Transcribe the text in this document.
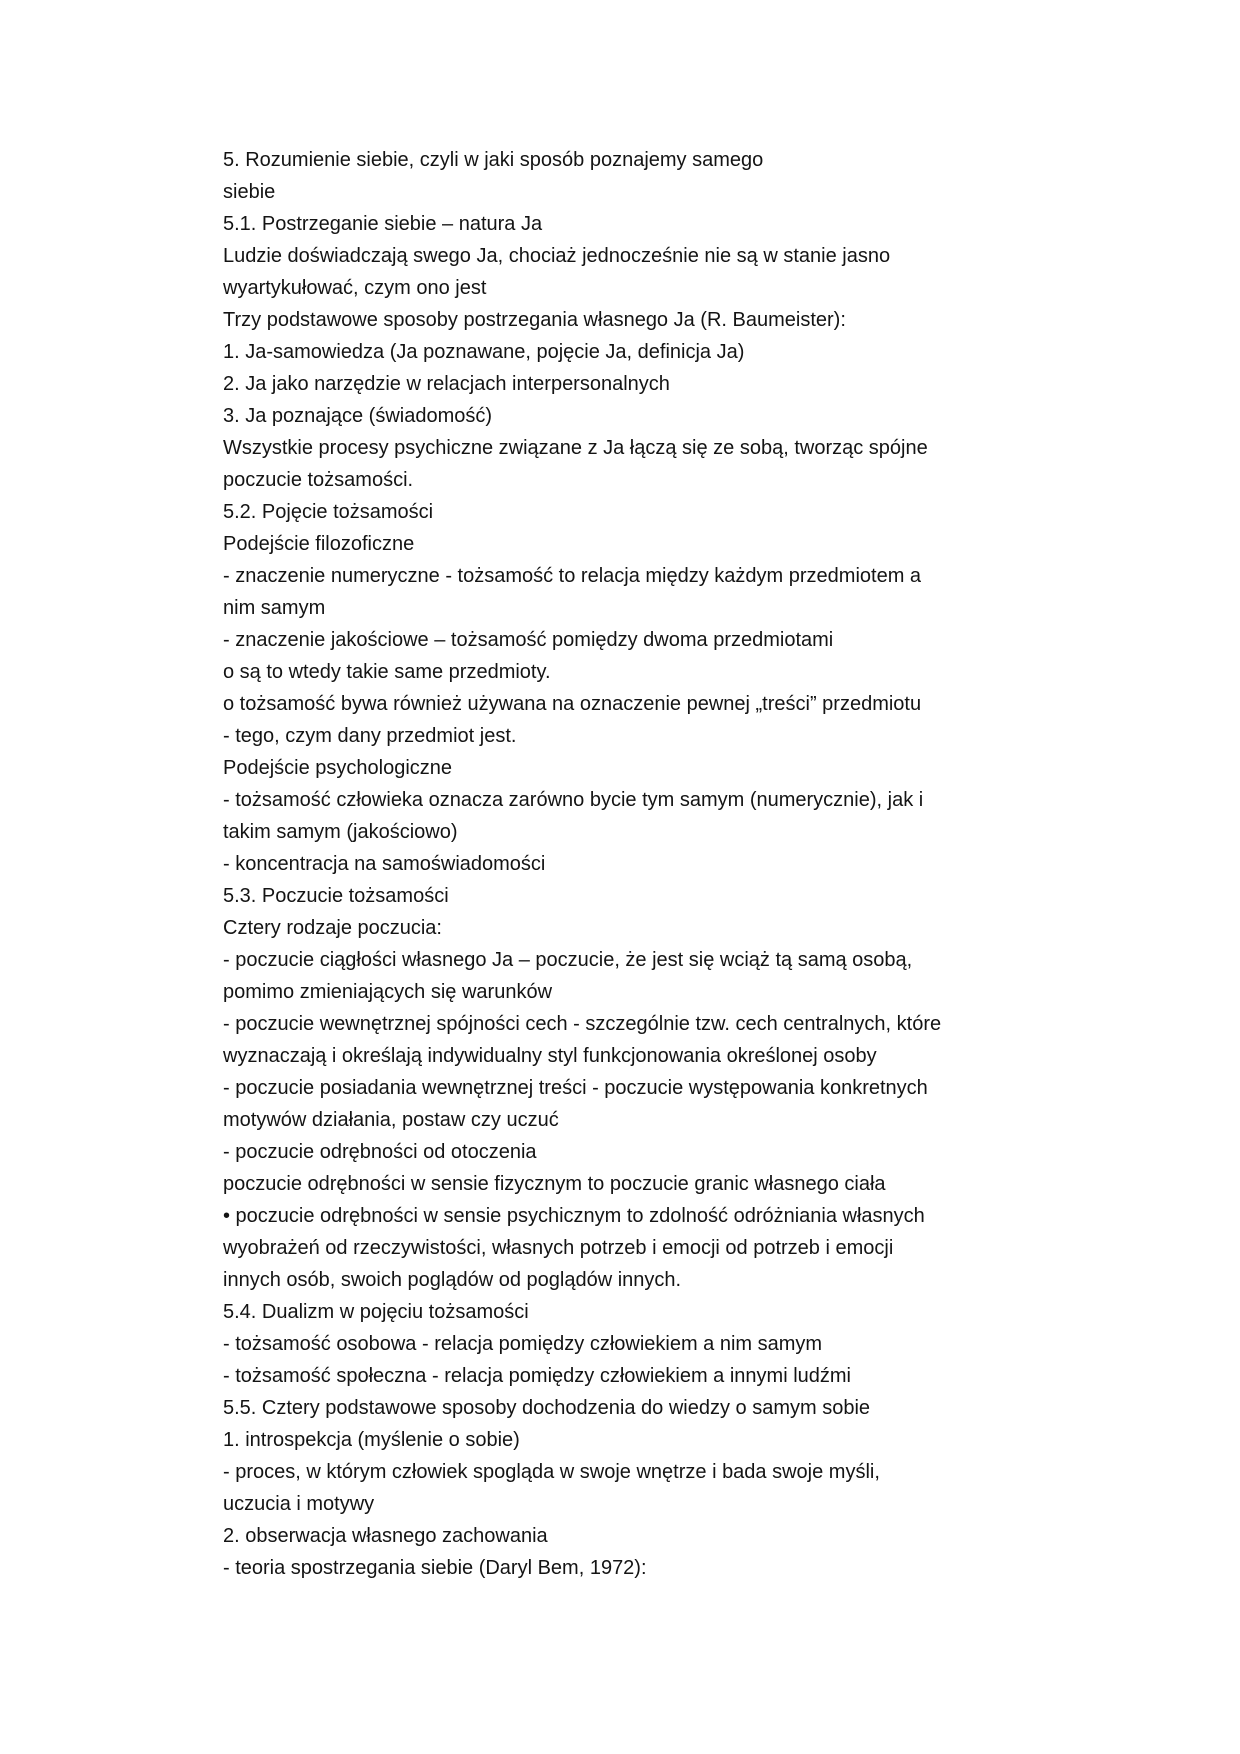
5. Rozumienie siebie, czyli w jaki sposób poznajemy samego
siebie
5.1. Postrzeganie siebie – natura Ja
Ludzie doświadczają swego Ja, chociaż jednocześnie nie są w stanie jasno
wyartykułować, czym ono jest
Trzy podstawowe sposoby postrzegania własnego Ja (R. Baumeister):
1. Ja-samowiedza (Ja poznawane, pojęcie Ja, definicja Ja)
2. Ja jako narzędzie w relacjach interpersonalnych
3. Ja poznające (świadomość)
Wszystkie procesy psychiczne związane z Ja łączą się ze sobą, tworząc spójne
poczucie tożsamości.
5.2. Pojęcie tożsamości
Podejście filozoficzne
- znaczenie numeryczne - tożsamość to relacja między każdym przedmiotem a
nim samym
- znaczenie jakościowe – tożsamość pomiędzy dwoma przedmiotami
o są to wtedy takie same przedmioty.
o tożsamość bywa również używana na oznaczenie pewnej „treści” przedmiotu
- tego, czym dany przedmiot jest.
Podejście psychologiczne
- tożsamość człowieka oznacza zarówno bycie tym samym (numerycznie), jak i
takim samym (jakościowo)
- koncentracja na samoświadomości
5.3. Poczucie tożsamości
Cztery rodzaje poczucia:
- poczucie ciągłości własnego Ja – poczucie, że jest się wciąż tą samą osobą,
pomimo zmieniających się warunków
- poczucie wewnętrznej spójności cech - szczególnie tzw. cech centralnych, które
wyznaczają i określają indywidualny styl funkcjonowania określonej osoby
- poczucie posiadania wewnętrznej treści - poczucie występowania konkretnych
motywów działania, postaw czy uczuć
- poczucie odrębności od otoczenia
poczucie odrębności w sensie fizycznym to poczucie granic własnego ciała
• poczucie odrębności w sensie psychicznym to zdolność odróżniania własnych
wyobrażeń od rzeczywistości, własnych potrzeb i emocji od potrzeb i emocji
innych osób, swoich poglądów od poglądów innych.
5.4. Dualizm w pojęciu tożsamości
- tożsamość osobowa - relacja pomiędzy człowiekiem a nim samym
- tożsamość społeczna - relacja pomiędzy człowiekiem a innymi ludźmi
5.5. Cztery podstawowe sposoby dochodzenia do wiedzy o samym sobie
1. introspekcja (myślenie o sobie)
- proces, w którym człowiek spogląda w swoje wnętrze i bada swoje myśli,
uczucia i motywy
2. obserwacja własnego zachowania
- teoria spostrzegania siebie (Daryl Bem, 1972):
